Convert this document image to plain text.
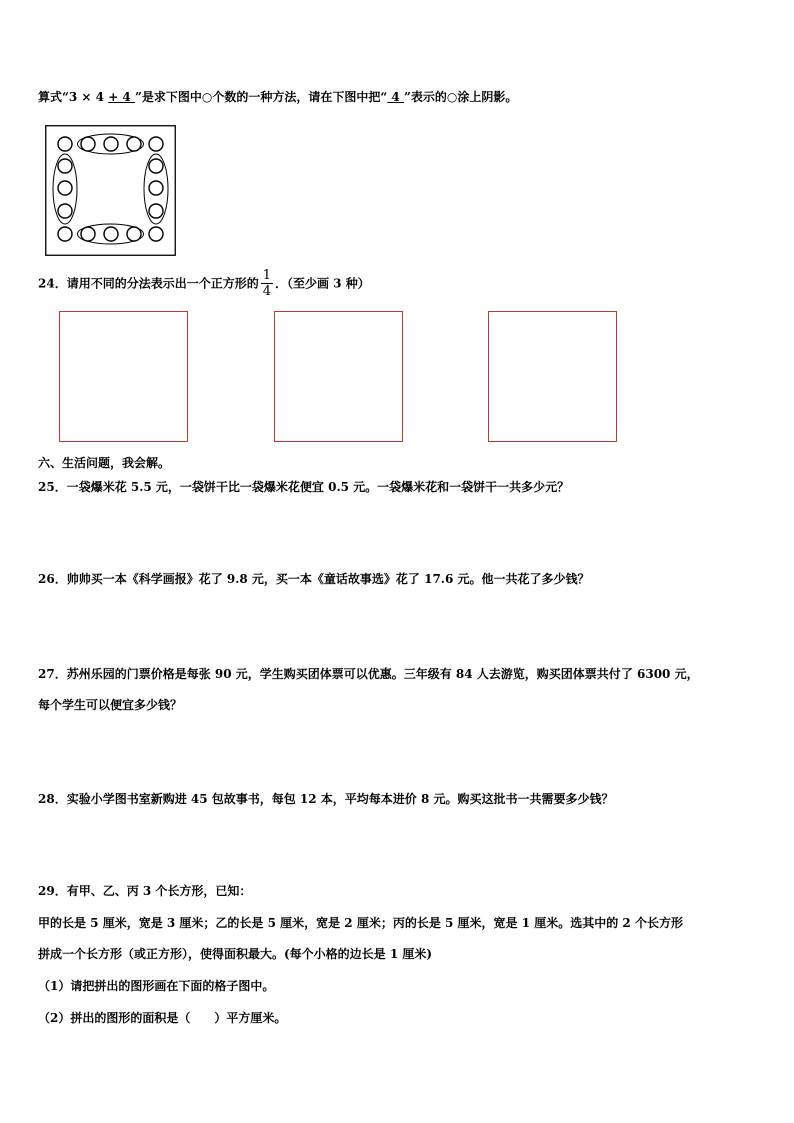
算式“3 × 4 + 4 ”是求下图中○个数的一种方法，请在下图中把“ 4 ”表示的○涂上阴影。
24．请用不同的分法表示出一个正方形的 $\frac{1}{4}$ ．（至少画 3 种）
六、生活问题，我会解。
25．一袋爆米花 5.5 元，一袋饼干比一袋爆米花便宜 0.5 元。一袋爆米花和一袋饼干一共多少元？
26．帅帅买一本《科学画报》花了 9.8 元，买一本《童话故事选》花了 17.6 元。他一共花了多少钱？
27．苏州乐园的门票价格是每张 90 元，学生购买团体票可以优惠。三年级有 84 人去游览，购买团体票共付了 6300 元，
每个学生可以便宜多少钱？
28．实验小学图书室新购进 45 包故事书，每包 12 本，平均每本进价 8 元。购买这批书一共需要多少钱？
29．有甲、乙、丙 3 个长方形，已知：
甲的长是 5 厘米，宽是 3 厘米；乙的长是 5 厘米，宽是 2 厘米；丙的长是 5 厘米，宽是 1 厘米。选其中的 2 个长方形
拼成一个长方形（或正方形），使得面积最大。(每个小格的边长是 1 厘米)
（1）请把拼出的图形画在下面的格子图中。
（2）拼出的图形的面积是（　　）平方厘米。
